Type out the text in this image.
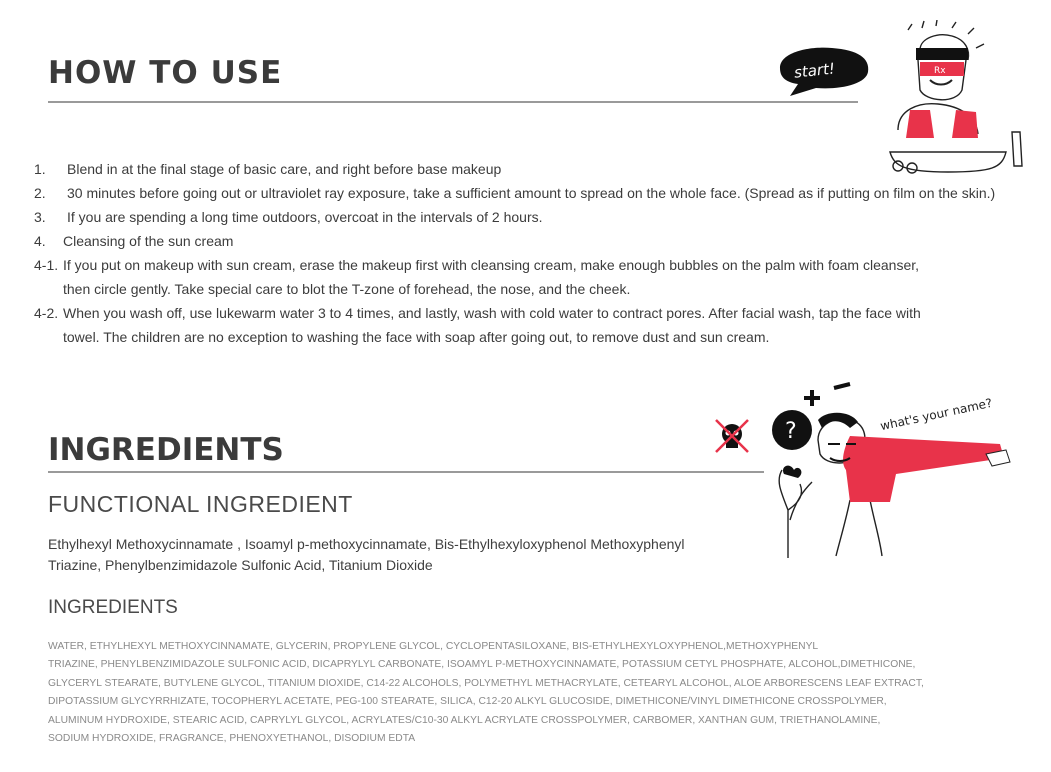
HOW TO USE	start!	Rx
1. Blend in at the final stage of basic care, and right before base makeup
2. 30 minutes before going out or ultraviolet ray exposure, take a sufficient amount to spread on the whole face. (Spread as if putting on film on the skin.)
3. If you are spending a long time outdoors, overcoat in the intervals of 2 hours.
4. Cleansing of the sun cream
4-1. If you put on makeup with sun cream, erase the makeup first with cleansing cream, make enough bubbles on the palm with foam cleanser,
then circle gently. Take special care to blot the T-zone of forehead, the nose, and the cheek.
4-2. When you wash off, use lukewarm water 3 to 4 times, and lastly, wash with cold water to contract pores. After facial wash, tap the face with
towel. The children are no exception to washing the face with soap after going out, to remove dust and sun cream.
INGREDIENTS
?	what's your name?
FUNCTIONAL INGREDIENT

Ethylhexyl Methoxycinnamate , Isoamyl p-methoxycinnamate, Bis-Ethylhexyloxyphenol Methoxyphenyl Triazine, Phenylbenzimidazole Sulfonic Acid, Titanium Dioxide

INGREDIENTS

WATER, ETHYLHEXYL METHOXYCINNAMATE, GLYCERIN, PROPYLENE GLYCOL, CYCLOPENTASILOXANE, BIS-ETHYLHEXYLOXYPHENOL,METHOXYPHENYL
TRIAZINE, PHENYLBENZIMIDAZOLE SULFONIC ACID, DICAPRYLYL CARBONATE, ISOAMYL P-METHOXYCINNAMATE, POTASSIUM CETYL PHOSPHATE, ALCOHOL,DIMETHICONE,
GLYCERYL STEARATE, BUTYLENE GLYCOL, TITANIUM DIOXIDE, C14-22 ALCOHOLS, POLYMETHYL METHACRYLATE, CETEARYL ALCOHOL, ALOE ARBORESCENS LEAF EXTRACT,
DIPOTASSIUM GLYCYRRHIZATE, TOCOPHERYL ACETATE, PEG-100 STEARATE, SILICA, C12-20 ALKYL GLUCOSIDE, DIMETHICONE/VINYL DIMETHICONE CROSSPOLYMER,
ALUMINUM HYDROXIDE, STEARIC ACID, CAPRYLYL GLYCOL, ACRYLATES/C10-30 ALKYL ACRYLATE CROSSPOLYMER, CARBOMER, XANTHAN GUM, TRIETHANOLAMINE,
SODIUM HYDROXIDE, FRAGRANCE, PHENOXYETHANOL, DISODIUM EDTA
